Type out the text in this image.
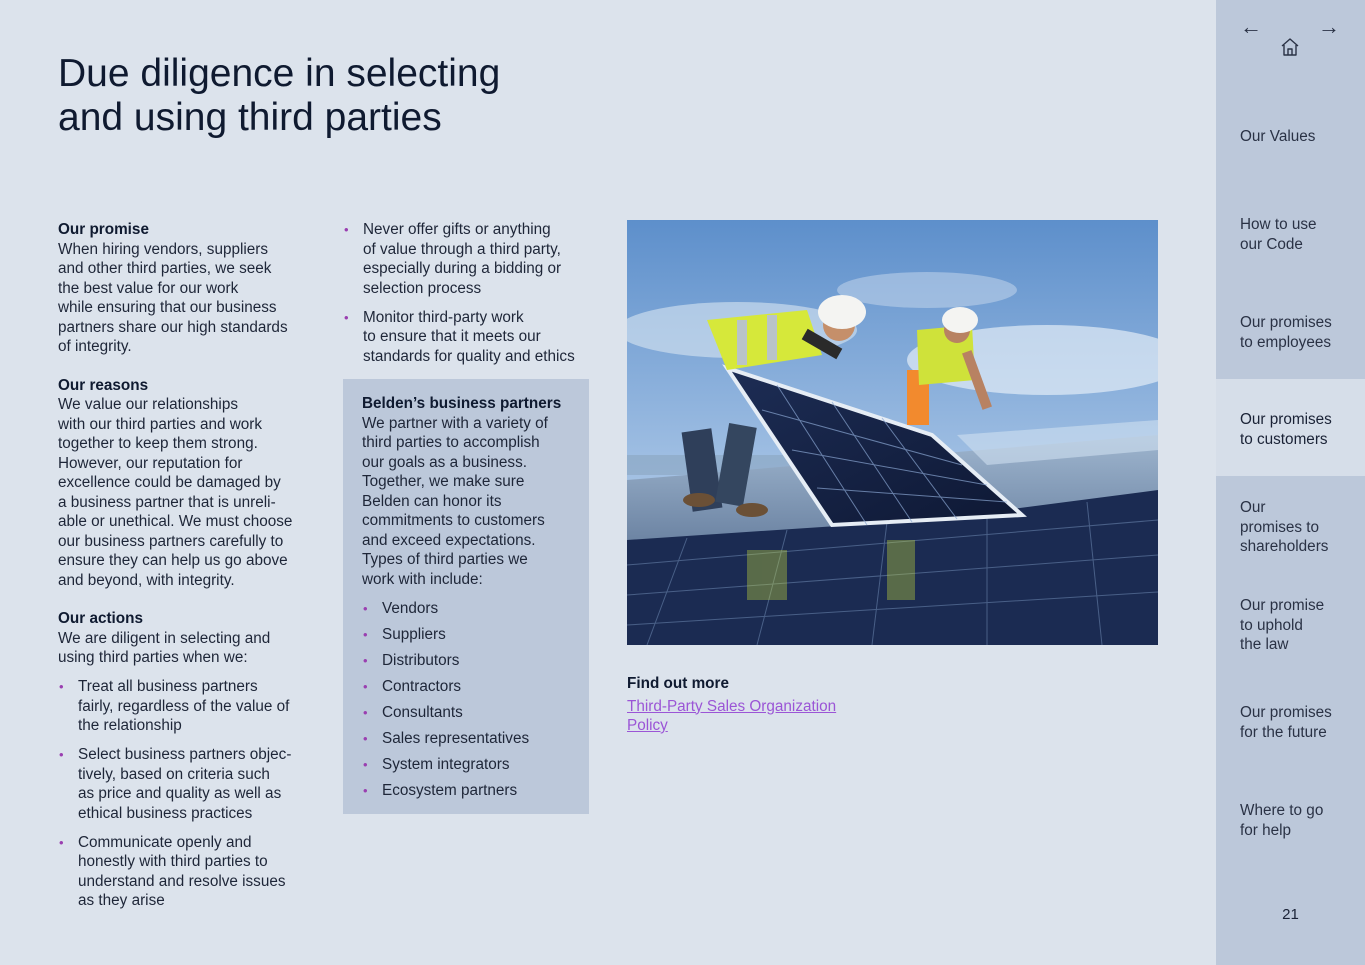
Due diligence in selecting
and using third parties
Our promise
When hiring vendors, suppliers
and other third parties, we seek
the best value for our work
while ensuring that our business
partners share our high standards
of integrity.
Our reasons
We value our relationships
with our third parties and work
together to keep them strong.
However, our reputation for
excellence could be damaged by
a business partner that is unreli-
able or unethical. We must choose
our business partners carefully to
ensure they can help us go above
and beyond, with integrity.
Our actions
We are diligent in selecting and
using third parties when we:
• Treat all business partners
fairly, regardless of the value of
the relationship
• Select business partners objec-
tively, based on criteria such
as price and quality as well as
ethical business practices
• Communicate openly and
honestly with third parties to
understand and resolve issues
as they arise
• Never offer gifts or anything
of value through a third party,
especially during a bidding or
selection process
• Monitor third-party work
to ensure that it meets our
standards for quality and ethics
Belden’s business partners
We partner with a variety of
third parties to accomplish
our goals as a business.
Together, we make sure
Belden can honor its
commitments to customers
and exceed expectations.
Types of third parties we
work with include:
• Vendors
• Suppliers
• Distributors
• Contractors
• Consultants
• Sales representatives
• System integrators
• Ecosystem partners
Find out more
Third-Party Sales Organization
Policy
←	→
Our Values
How to use
our Code
Our promises
to employees
Our promises
to customers
Our
promises to
shareholders
Our promise
to uphold
the law
Our promises
for the future
Where to go
for help
21
